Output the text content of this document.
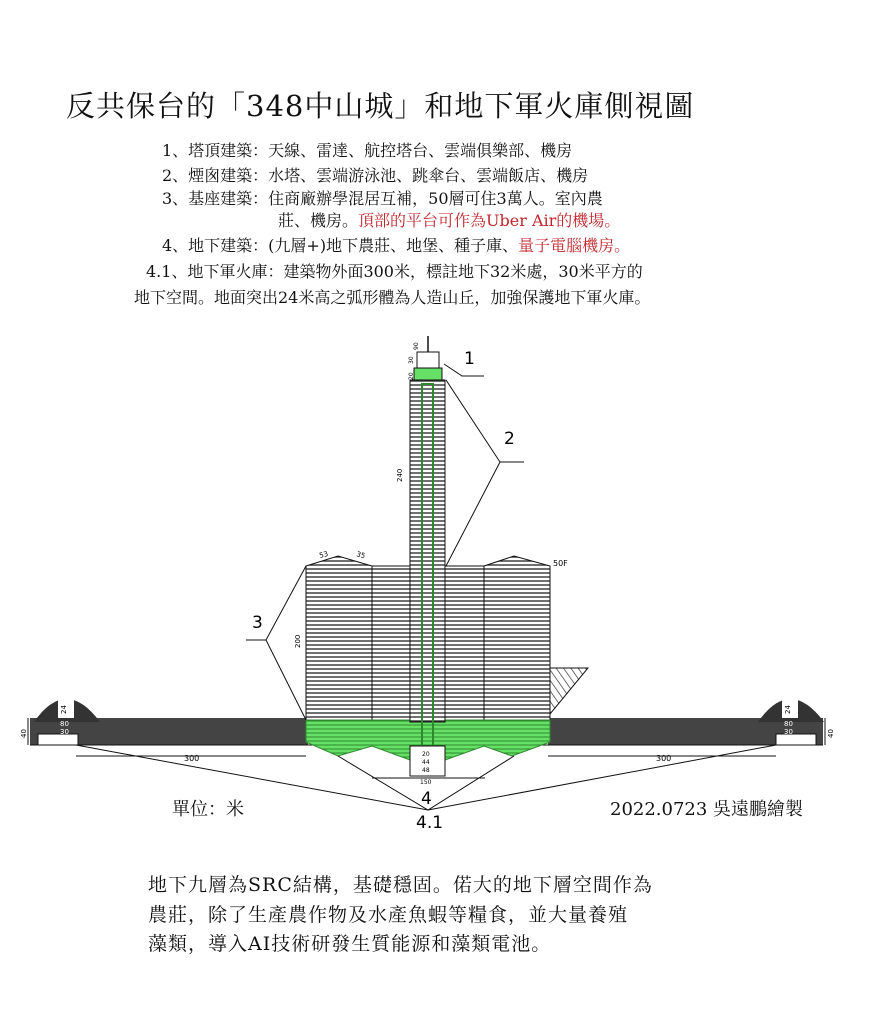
反共保台的「348中山城」和地下軍火庫側視圖
1、塔頂建築：天線、雷達、航控塔台、雲端俱樂部、機房
2、煙囪建築：水塔、雲端游泳池、跳傘台、雲端飯店、機房
3、基座建築：住商廠辦學混居互補，50層可住3萬人。室內農
莊、機房。頂部的平台可作為Uber Air的機場。
4、地下建築：(九層+)地下農莊、地堡、種子庫、量子電腦機房。
4.1、地下軍火庫：建築物外面300米，標註地下32米處，30米平方的
地下空間。地面突出24米高之弧形體為人造山丘，加強保護地下軍火庫。
1
2
3
4
4.1
240
200
20
30
90
53	35
50F
20
44
48
150
40	40
24	24
80	80
30	30
300	300
單位：米	2022.0723 吳遠鵬繪製
地下九層為SRC結構，基礎穩固。偌大的地下層空間作為
農莊，除了生產農作物及水產魚蝦等糧食，並大量養殖
藻類，導入AI技術研發生質能源和藻類電池。
